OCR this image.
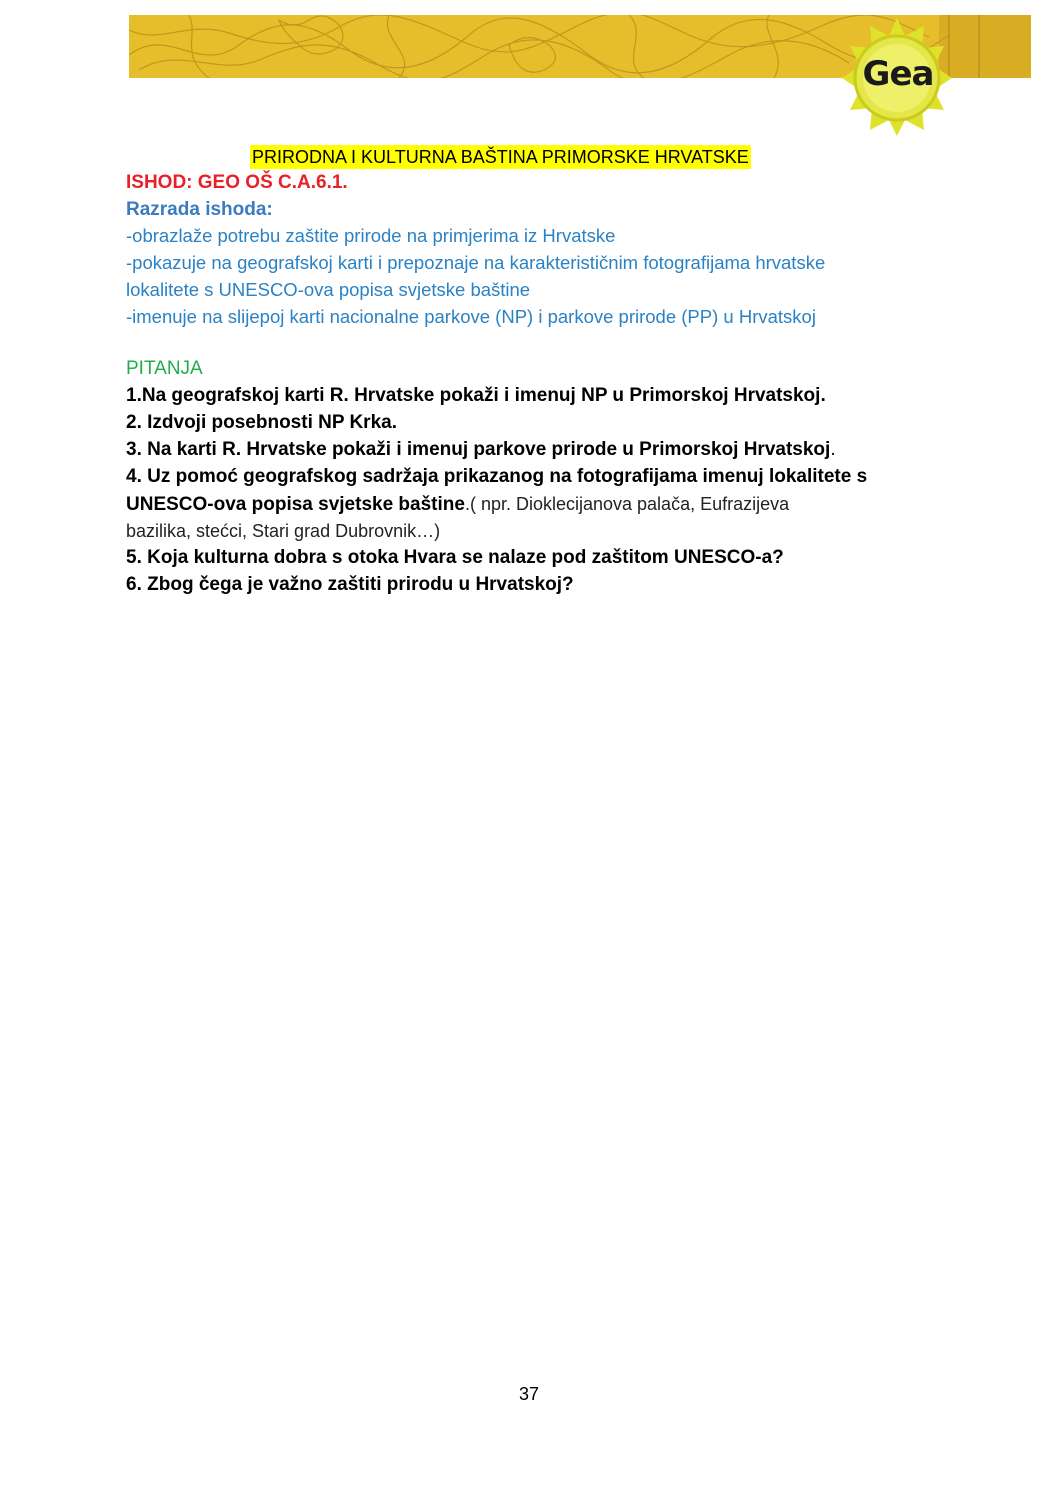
Gea
PRIRODNA I KULTURNA BAŠTINA PRIMORSKE HRVATSKE
ISHOD: GEO OŠ C.A.6.1.
Razrada ishoda:
-obrazlaže potrebu zaštite prirode na primjerima iz Hrvatske
-pokazuje na geografskoj karti i prepoznaje na karakterističnim fotografijama hrvatske
lokalitete s UNESCO-ova popisa svjetske baštine
-imenuje na slijepoj karti nacionalne parkove (NP) i parkove prirode (PP) u Hrvatskoj
PITANJA
1.Na geografskoj karti R. Hrvatske pokaži i imenuj NP u Primorskoj Hrvatskoj.
2. Izdvoji posebnosti NP Krka.
3. Na karti R. Hrvatske pokaži i imenuj parkove prirode u Primorskoj Hrvatskoj.
4. Uz pomoć geografskog sadržaja prikazanog na fotografijama imenuj lokalitete s
UNESCO-ova popisa svjetske baštine.( npr. Dioklecijanova palača, Eufrazijeva
bazilika, stećci, Stari grad Dubrovnik…)
5. Koja kulturna dobra s otoka Hvara se nalaze pod zaštitom UNESCO-a?
6. Zbog čega je važno zaštiti prirodu u Hrvatskoj?
37
